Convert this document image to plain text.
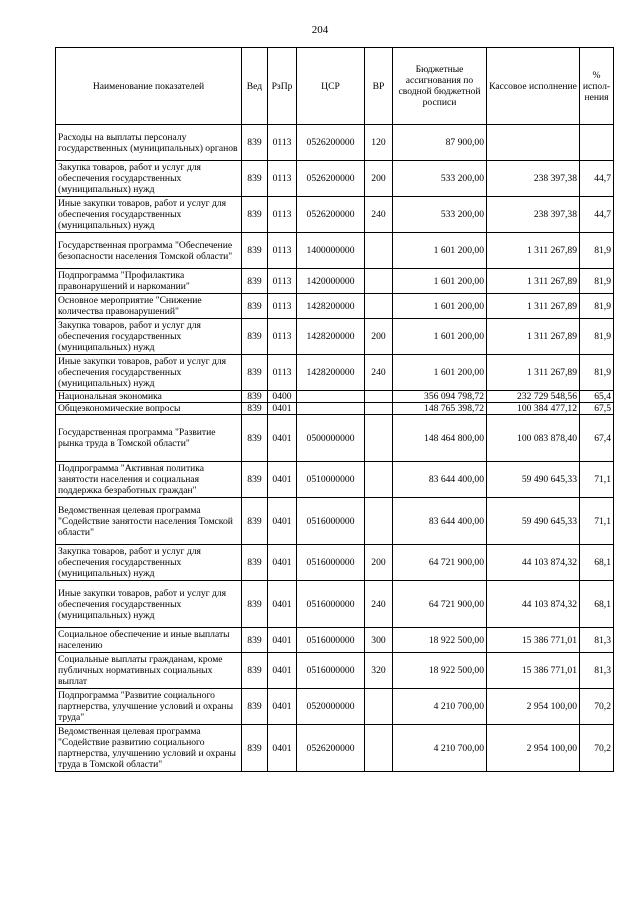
204
Наименование показателей	Вед	РзПр	ЦСР	ВР	Бюджетные ассигнования по сводной бюджетной росписи	Кассовое исполнение	% испол-нения
Расходы на выплаты персоналу государственных (муниципальных) органов	839	0113	0526200000	120	87 900,00		
Закупка товаров, работ и услуг для обеспечения государственных (муниципальных) нужд	839	0113	0526200000	200	533 200,00	238 397,38	44,7
Иные закупки товаров, работ и услуг для обеспечения государственных (муниципальных) нужд	839	0113	0526200000	240	533 200,00	238 397,38	44,7
Государственная программа "Обеспечение безопасности населения Томской области"	839	0113	1400000000		1 601 200,00	1 311 267,89	81,9
Подпрограмма "Профилактика правонарушений и наркомании"	839	0113	1420000000		1 601 200,00	1 311 267,89	81,9
Основное мероприятие "Снижение количества правонарушений"	839	0113	1428200000		1 601 200,00	1 311 267,89	81,9
Закупка товаров, работ и услуг для обеспечения государственных (муниципальных) нужд	839	0113	1428200000	200	1 601 200,00	1 311 267,89	81,9
Иные закупки товаров, работ и услуг для обеспечения государственных (муниципальных) нужд	839	0113	1428200000	240	1 601 200,00	1 311 267,89	81,9
Национальная экономика	839	0400			356 094 798,72	232 729 548,56	65,4
Общеэкономические вопросы	839	0401			148 765 398,72	100 384 477,12	67,5
Государственная программа "Развитие рынка труда в Томской области"	839	0401	0500000000		148 464 800,00	100 083 878,40	67,4
Подпрограмма "Активная политика занятости населения и социальная поддержка безработных граждан"	839	0401	0510000000		83 644 400,00	59 490 645,33	71,1
Ведомственная целевая программа "Содействие занятости населения Томской области"	839	0401	0516000000		83 644 400,00	59 490 645,33	71,1
Закупка товаров, работ и услуг для обеспечения государственных (муниципальных) нужд	839	0401	0516000000	200	64 721 900,00	44 103 874,32	68,1
Иные закупки товаров, работ и услуг для обеспечения государственных (муниципальных) нужд	839	0401	0516000000	240	64 721 900,00	44 103 874,32	68,1
Социальное обеспечение и иные выплаты населению	839	0401	0516000000	300	18 922 500,00	15 386 771,01	81,3
Социальные выплаты гражданам, кроме публичных нормативных социальных выплат	839	0401	0516000000	320	18 922 500,00	15 386 771,01	81,3
Подпрограмма "Развитие социального партнерства, улучшение условий и охраны труда"	839	0401	0520000000		4 210 700,00	2 954 100,00	70,2
Ведомственная целевая программа "Содействие развитию социального партнерства, улучшению условий и охраны труда в Томской области"	839	0401	0526200000		4 210 700,00	2 954 100,00	70,2
